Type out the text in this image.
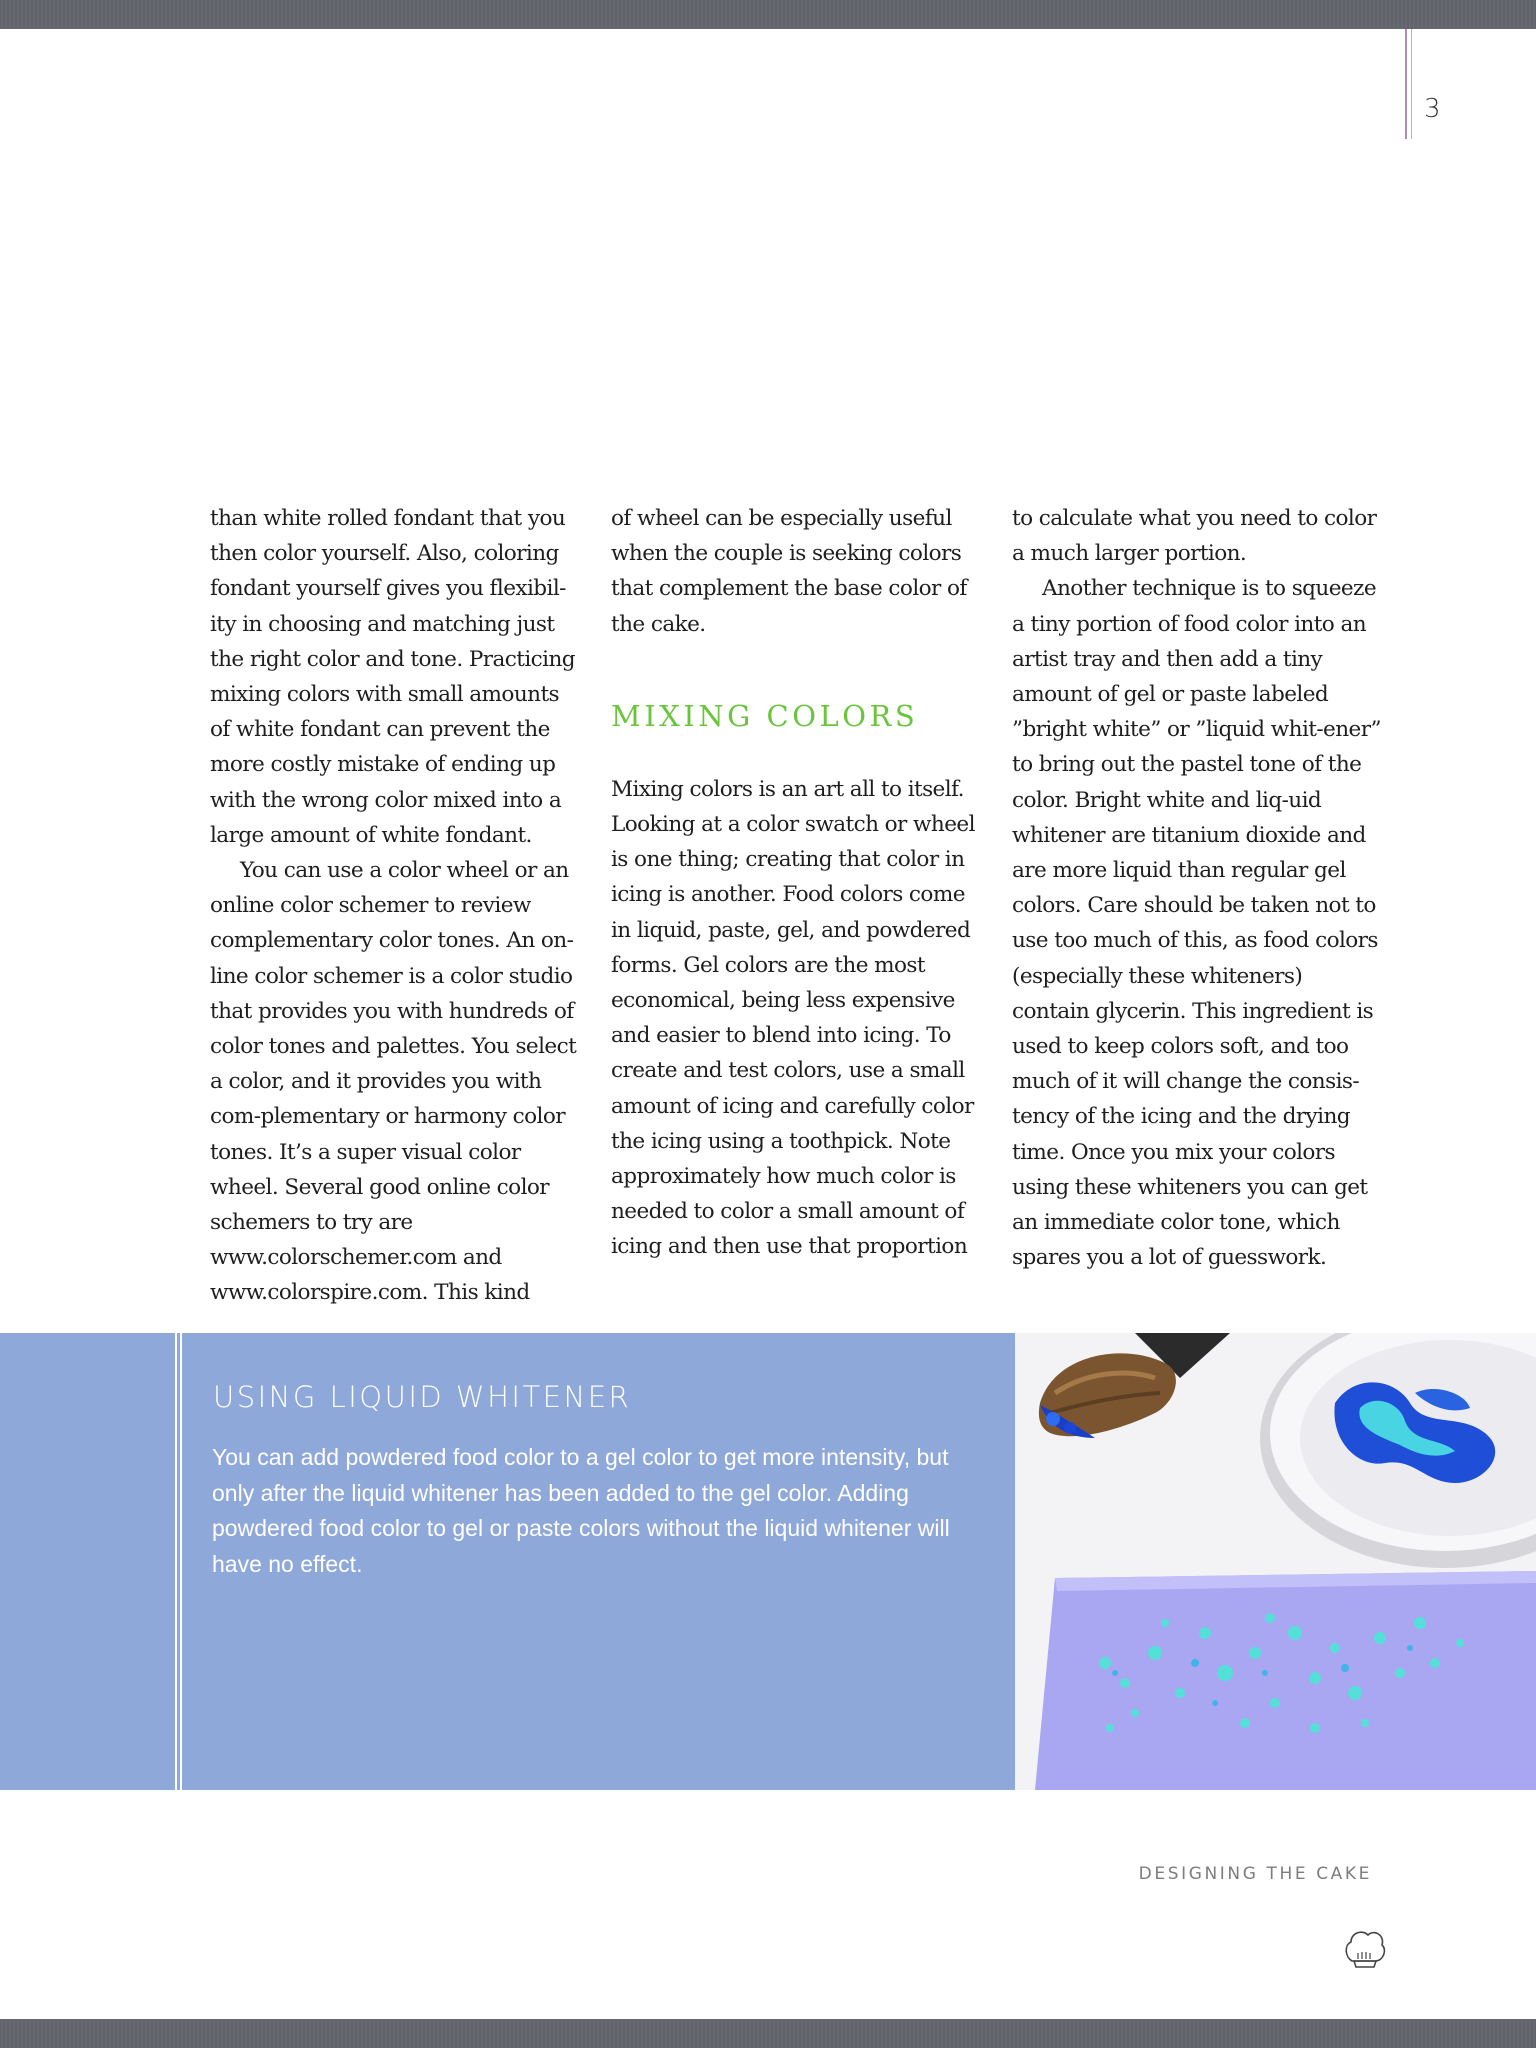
3

than white rolled fondant that you then color yourself. Also, coloring fondant yourself gives you flexibil-ity in choosing and matching just the right color and tone. Practicing mixing colors with small amounts of white fondant can prevent the more costly mistake of ending up with the wrong color mixed into a large amount of white fondant.

You can use a color wheel or an online color schemer to review complementary color tones. An on-line color schemer is a color studio that provides you with hundreds of color tones and palettes. You select a color, and it provides you with com-plementary or harmony color tones. It’s a super visual color wheel. Several good online color schemers to try are www.colorschemer.com and www.colorspire.com. This kind

of wheel can be especially useful when the couple is seeking colors that complement the base color of the cake.

MIXING COLORS

Mixing colors is an art all to itself. Looking at a color swatch or wheel is one thing; creating that color in icing is another. Food colors come in liquid, paste, gel, and powdered forms. Gel colors are the most economical, being less expensive and easier to blend into icing. To create and test colors, use a small amount of icing and carefully color the icing using a toothpick. Note approximately how much color is needed to color a small amount of icing and then use that proportion

to calculate what you need to color a much larger portion.

Another technique is to squeeze a tiny portion of food color into an artist tray and then add a tiny amount of gel or paste labeled ”bright white” or ”liquid whit-ener” to bring out the pastel tone of the color. Bright white and liq-uid whitener are titanium dioxide and are more liquid than regular gel colors. Care should be taken not to use too much of this, as food colors (especially these whiteners) contain glycerin. This ingredient is used to keep colors soft, and too much of it will change the consis-tency of the icing and the drying time. Once you mix your colors using these whiteners you can get an immediate color tone, which spares you a lot of guesswork.

USING LIQUID WHITENER
You can add powdered food color to a gel color to get more intensity, but only after the liquid whitener has been added to the gel color. Adding powdered food color to gel or paste colors without the liquid whitener will have no effect.
DESIGNING THE CAKE
